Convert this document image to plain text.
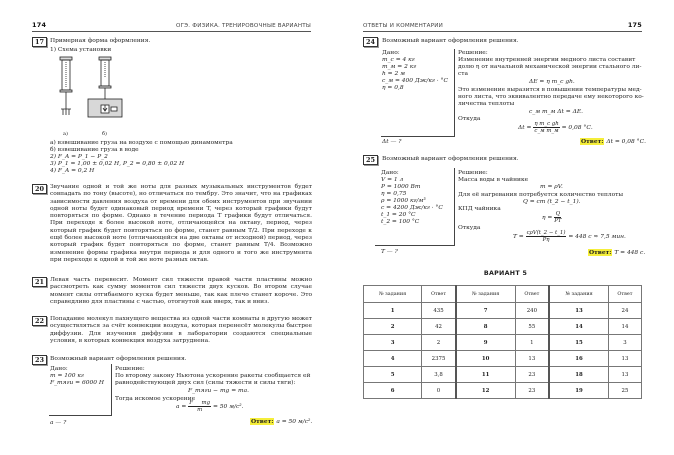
174	ОГЭ. ФИЗИКА. ТРЕНИРОВОЧНЫЕ ВАРИАНТЫ
17	Примерная форма оформления.
1) Схема установки
а)	б)
а) взвешивание груза на воздухе с помощью динамометра
б) взвешивание груза в воде
2) F_A = P_1 − P_2
3) P_1 = 1,00 ± 0,02 Н, P_2 = 0,80 ± 0,02 Н
4) F_A = 0,2 Н
20	Звучание одной и той же ноты для разных музыкальных инструментов будет совпадать по тону (высоте), но отличаться по тембру. Это значит, что на графиках зависимости давления воздуха от времени для обоих инструментов при звучании одной ноты будет одинаковый период времени T, через который графики будут повторяться по форме. Однако в течение периода T графики будут отличаться. При переходе к более высокой ноте, отличающейся на октаву, период, через который график будет повторяться по форме, станет равным T/2. При переходе к ещё более высокой ноте (отличающейся на две октавы от исходной) период, через который график будет повторяться по форме, станет равным T/4. Возможно изменение формы графика внутри периода и для одного и того же инструмента при переходе к одной и той же ноте разных октав.
21	Левая часть перевесит. Момент сил тяжести правой части пластины можно рассмотреть как сумму моментов сил тяжести двух кусков. Во втором случае момент силы отгибаемого куска будет меньше, так как плечо станет короче. Это справедливо для пластины с частью, отогнутой как вверх, так и вниз.
22	Попадание молекул пахнущего вещества из одной части комнаты в другую может осуществляться за счёт конвекции воздуха, которая перенесёт молекулы быстрее диффузии. Для изучения диффузии в лаборатории создаются специальные условия, в которых конвекция воздуха затруднена.
23	Возможный вариант оформления решения.
Дано:
m = 100 кг
F_тяги = 6000 Н
a — ?
Решение:
По второму закону Ньютона ускорение ракеты сообщается ей
равнодействующей двух сил (силы тяжести и силы тяги):
F_тяги − mg = ma.
Тогда искомое ускорение
$a = \frac{\text{F     mg}}{m} = 50$ м/с².
Ответ: a = 50 м/с².
ОТВЕТЫ И КОММЕНТАРИИ	175
24	Возможный вариант оформления решения.
Дано:
m_с = 4 кг
m_м = 2 кг
h = 2 м
c_м = 400 Дж/кг · °С
η = 0,8
Δt — ?
Решение:
Изменение внутренней энергии медного листа составит
долю η от начальной механической энергии стального ли-
ста
ΔE = η m_с gh.
Это изменение выразится в повышении температуры мед-
ного листа, что эквивалентно передаче ему некоторого ко-
личества теплоты
c_м m_м Δt = ΔE.
Откуда
$\Delta t = \frac{\text{η m\_с gh}}{\text{c\_м m\_м}} = 0,08$ °С.
Ответ: Δt = 0,08 °С.
25	Возможный вариант оформления решения.
Дано:
V = 1 л
P = 1000 Вт
η = 0,75
ρ = 1000 кг/м³
c = 4200 Дж/кг · °С
t_1 = 20 °С
t_2 = 100 °С
T — ?
Решение:
Масса воды в чайнике
m = ρV.
Для её нагревания потребуется количество теплоты
Q = cm (t_2 − t_1).
КПД чайника
$\eta = \frac{Q}{PT}$
Откуда
$T = \frac{\text{cρV(t\_2 − t\_1)}}{P\eta} = 448$ с ≈ 7,5 мин.
Ответ: T = 448 с.
ВАРИАНТ 5
№ задания	Ответ	№ задания	Ответ	№ задания	Ответ
1	435	7	240	13	24
2	42	8	55	14	14
3	2	9	1	15	3
4	2375	10	13	16	13
5	3,8	11	23	18	13
6	0	12	23	19	25
